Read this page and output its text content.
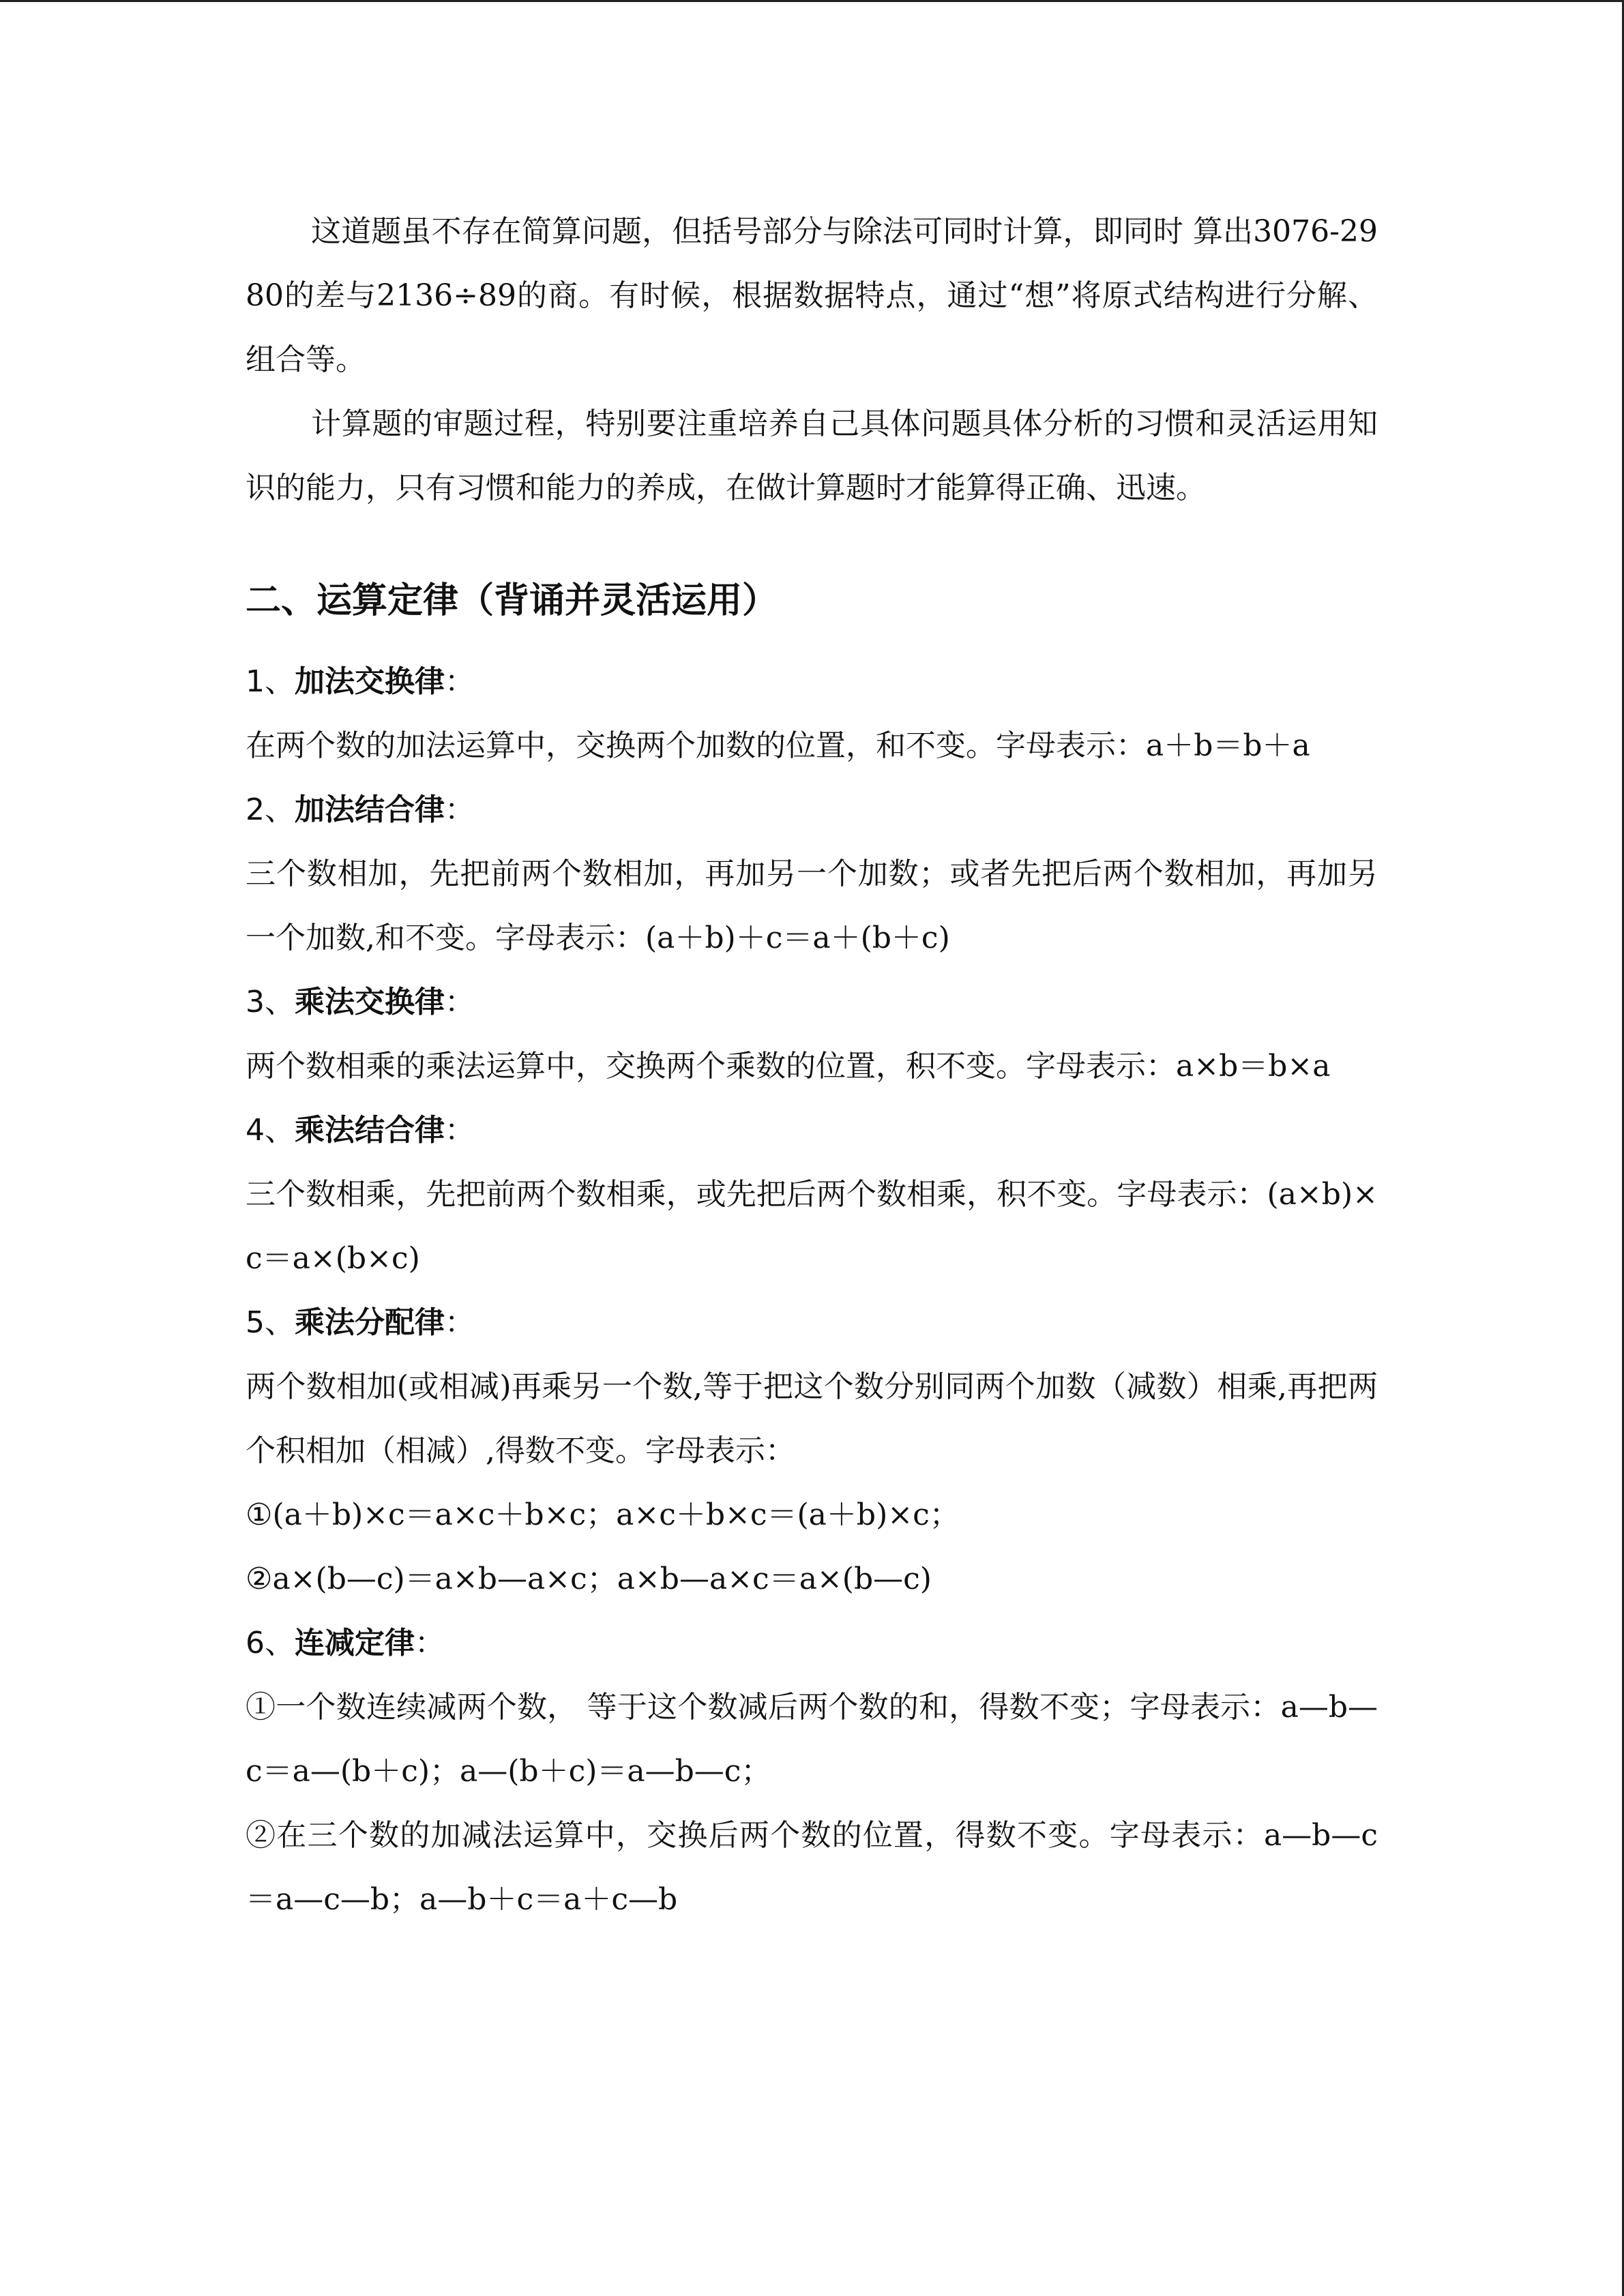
这道题虽不存在简算问题，但括号部分与除法可同时计算，即同时 算出3076-2980的差与2136÷89的商。有时候，根据数据特点，通过“想”将原式结构进行分解、组合等。

计算题的审题过程，特别要注重培养自己具体问题具体分析的习惯和灵活运用知识的能力，只有习惯和能力的养成，在做计算题时才能算得正确、迅速。

二、运算定律（背诵并灵活运用）

1、加法交换律：

在两个数的加法运算中，交换两个加数的位置，和不变。字母表示：a＋b＝b＋a

2、加法结合律：

三个数相加，先把前两个数相加，再加另一个加数；或者先把后两个数相加，再加另一个加数,和不变。字母表示：(a＋b)＋c＝a＋(b＋c)

3、乘法交换律：

两个数相乘的乘法运算中，交换两个乘数的位置，积不变。字母表示：a×b＝b×a

4、乘法结合律：

三个数相乘，先把前两个数相乘，或先把后两个数相乘，积不变。字母表示：(a×b)×c＝a×(b×c)

5、乘法分配律：

两个数相加(或相减)再乘另一个数,等于把这个数分别同两个加数（减数）相乘,再把两个积相加（相减）,得数不变。字母表示：

①(a＋b)×c＝a×c＋b×c；a×c＋b×c＝(a＋b)×c；

②a×(b—c)＝a×b—a×c；a×b—a×c＝a×(b—c)

6、连减定律：

①一个数连续减两个数， 等于这个数减后两个数的和，得数不变；字母表示：a—b—c＝a—(b＋c)；a—(b＋c)＝a—b—c；

②在三个数的加减法运算中，交换后两个数的位置，得数不变。字母表示：a—b—c＝a—c—b；a—b＋c＝a＋c—b
